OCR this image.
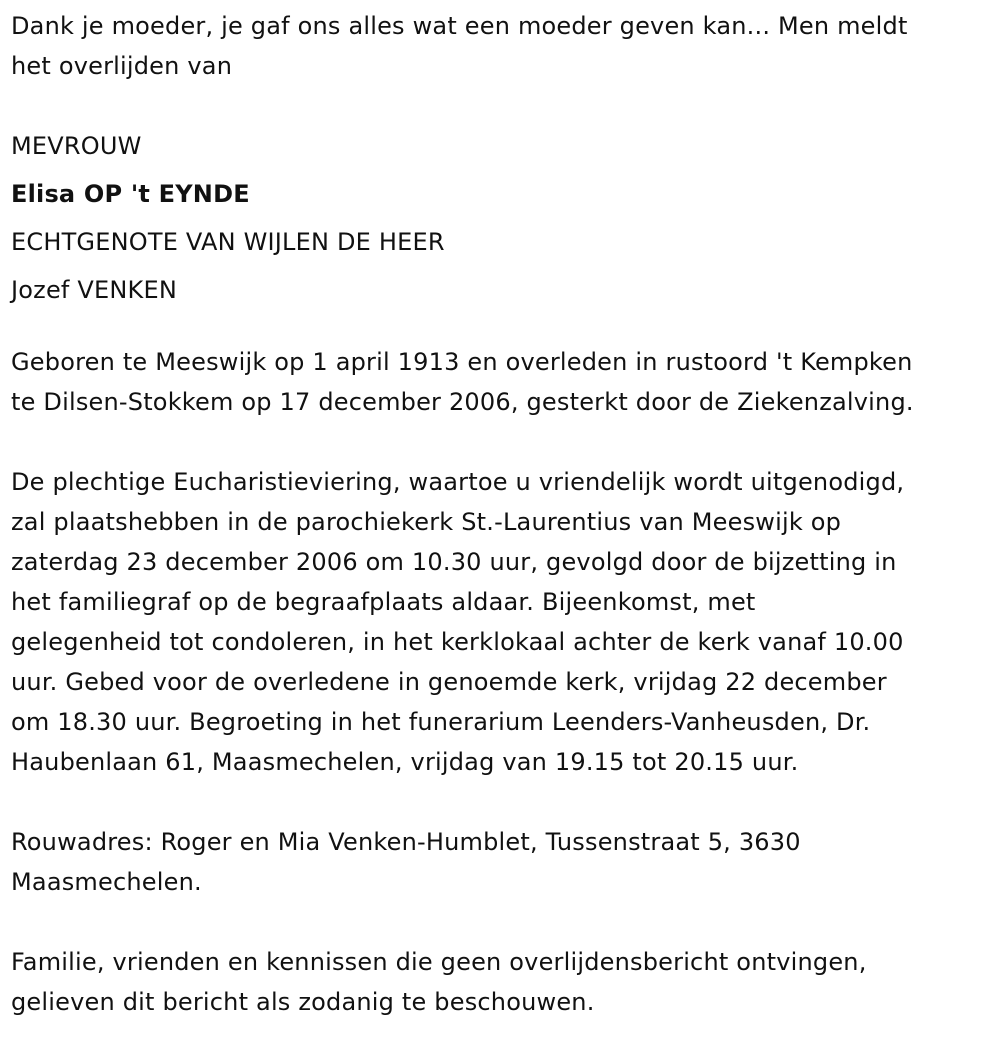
Dank je moeder, je gaf ons alles wat een moeder geven kan... Men meldt
het overlijden van

MEVROUW
Elisa OP 't EYNDE
ECHTGENOTE VAN WIJLEN DE HEER
Jozef VENKEN

Geboren te Meeswijk op 1 april 1913 en overleden in rustoord 't Kempken
te Dilsen-Stokkem op 17 december 2006, gesterkt door de Ziekenzalving.

De plechtige Eucharistieviering, waartoe u vriendelijk wordt uitgenodigd,
zal plaatshebben in de parochiekerk St.-Laurentius van Meeswijk op
zaterdag 23 december 2006 om 10.30 uur, gevolgd door de bijzetting in
het familiegraf op de begraafplaats aldaar. Bijeenkomst, met
gelegenheid tot condoleren, in het kerklokaal achter de kerk vanaf 10.00
uur. Gebed voor de overledene in genoemde kerk, vrijdag 22 december
om 18.30 uur. Begroeting in het funerarium Leenders-Vanheusden, Dr.
Haubenlaan 61, Maasmechelen, vrijdag van 19.15 tot 20.15 uur.

Rouwadres: Roger en Mia Venken-Humblet, Tussenstraat 5, 3630
Maasmechelen.

Familie, vrienden en kennissen die geen overlijdensbericht ontvingen,
gelieven dit bericht als zodanig te beschouwen.
